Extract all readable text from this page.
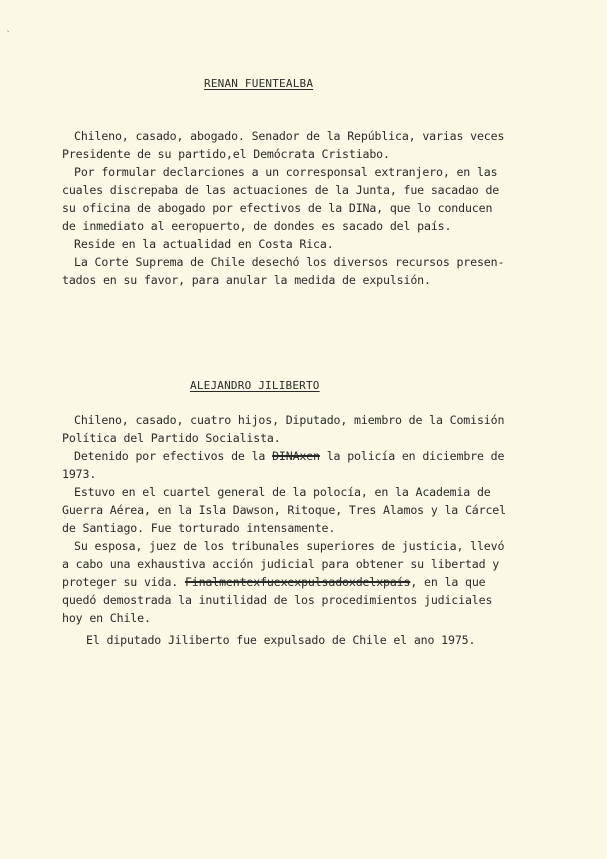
`
RENAN FUENTEALBA
Chileno, casado, abogado. Senador de la República, varias veces
Presidente de su partido,el Demócrata Cristiabo.
Por formular declarciones a un corresponsal extranjero, en las
cuales discrepaba de las actuaciones de la Junta, fue sacadao de
su oficina de abogado por efectivos de la DINa, que lo conducen
de inmediato al eeropuerto, de dondes es sacado del país.
Reside en la actualidad en Costa Rica.
La Corte Suprema de Chile desechó los diversos recursos presen-
tados en su favor, para anular la medida de expulsión.
ALEJANDRO JILIBERTO
Chileno, casado, cuatro hijos, Diputado, miembro de la Comisión
Política del Partido Socialista.
Detenido por efectivos de la DINAxen la policía en diciembre de
1973.
Estuvo en el cuartel general de la polocía, en la Academia de
Guerra Aérea, en la Isla Dawson, Ritoque, Tres Alamos y la Cárcel
de Santiago. Fue torturado intensamente.
Su esposa, juez de los tribunales superiores de justicia, llevó
a cabo una exhaustiva acción judicial para obtener su libertad y
proteger su vida. Finalmentexfuexexpulsadoxdelxpaís, en la que
quedó demostrada la inutilidad de los procedimientos judiciales
hoy en Chile.
El diputado Jiliberto fue expulsado de Chile el ano 1975.
